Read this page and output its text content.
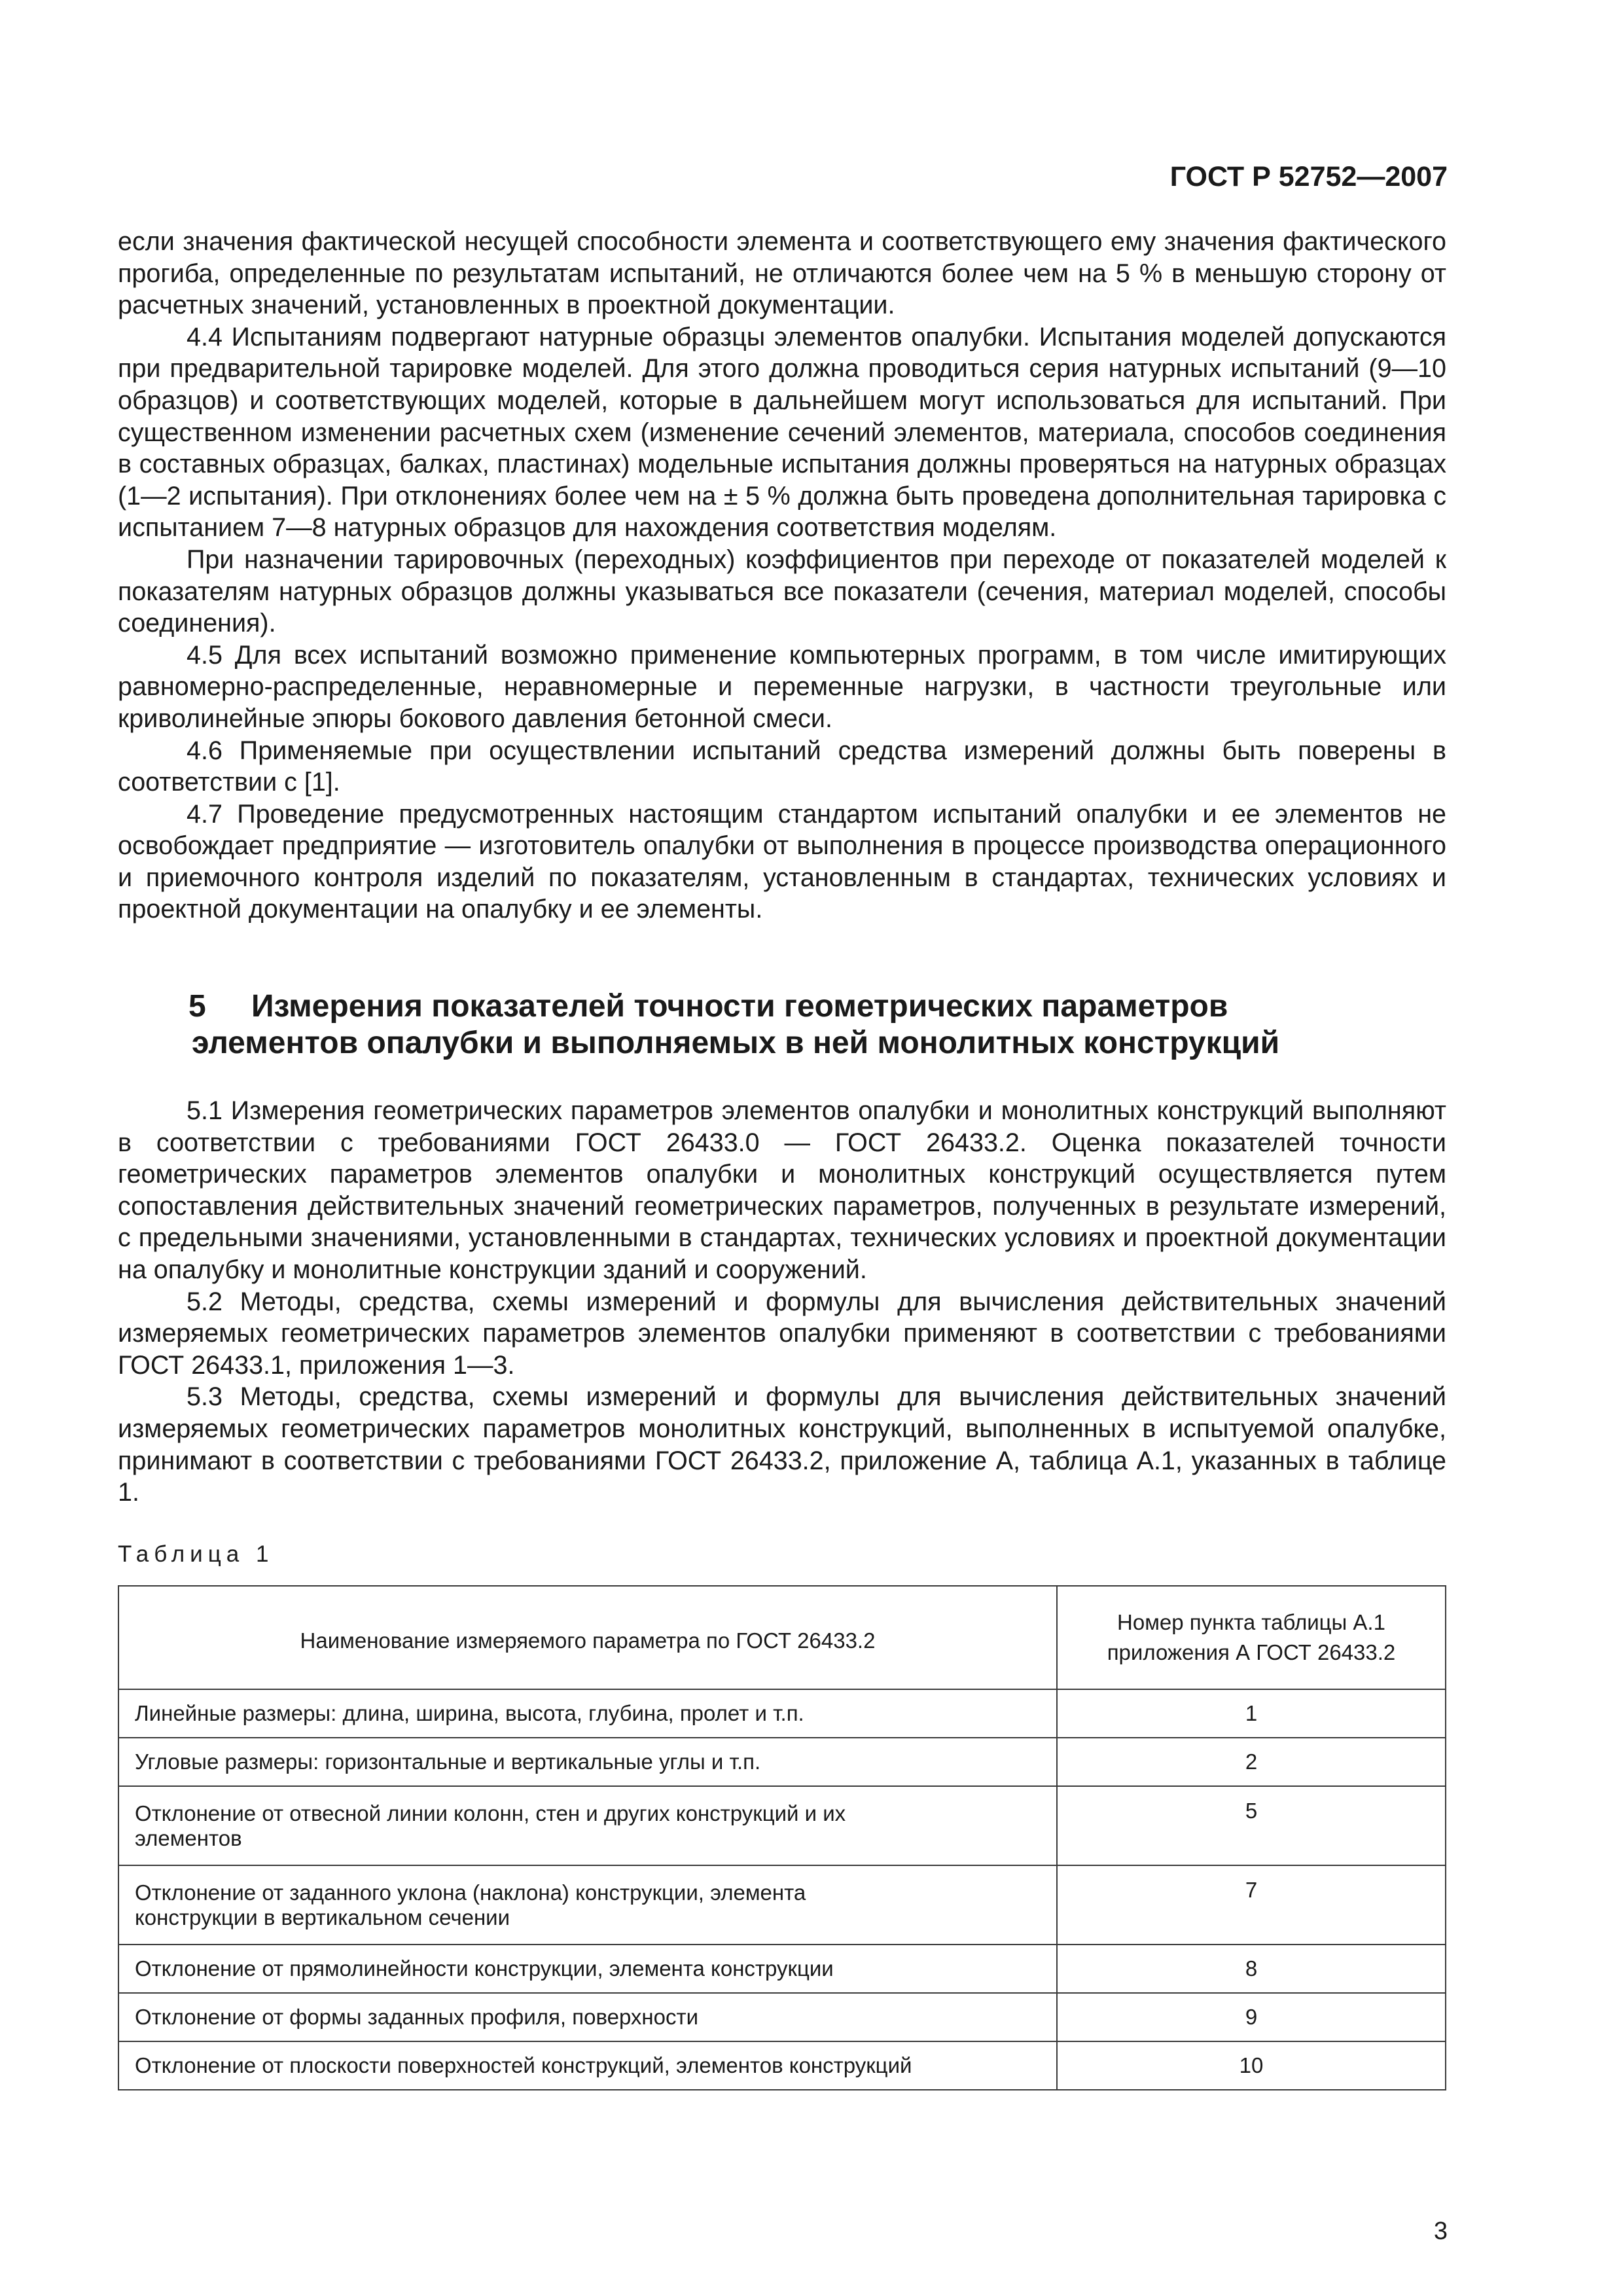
ГОСТ Р 52752—2007

если значения фактической несущей способности элемента и соответствующего ему значения фактического прогиба, определенные по результатам испытаний, не отличаются более чем на 5 % в меньшую сторону от расчетных значений, установленных в проектной документации.

4.4 Испытаниям подвергают натурные образцы элементов опалубки. Испытания моделей допускаются при предварительной тарировке моделей. Для этого должна проводиться серия натурных испытаний (9—10 образцов) и соответствующих моделей, которые в дальнейшем могут использоваться для испытаний. При существенном изменении расчетных схем (изменение сечений элементов, материала, способов соединения в составных образцах, балках, пластинах) модельные испытания должны проверяться на натурных образцах (1—2 испытания). При отклонениях более чем на ± 5 % должна быть проведена дополнительная тарировка с испытанием 7—8 натурных образцов для нахождения соответствия моделям.

При назначении тарировочных (переходных) коэффициентов при переходе от показателей моделей к показателям натурных образцов должны указываться все показатели (сечения, материал моделей, способы соединения).

4.5 Для всех испытаний возможно применение компьютерных программ, в том числе имитирующих равномерно-распределенные, неравномерные и переменные нагрузки, в частности треугольные или криволинейные эпюры бокового давления бетонной смеси.

4.6 Применяемые при осуществлении испытаний средства измерений должны быть поверены в соответствии с [1].

4.7 Проведение предусмотренных настоящим стандартом испытаний опалубки и ее элементов не освобождает предприятие — изготовитель опалубки от выполнения в процессе производства операционного и приемочного контроля изделий по показателям, установленным в стандартах, технических условиях и проектной документации на опалубку и ее элементы.

5 Измерения показателей точности геометрических параметров
элементов опалубки и выполняемых в ней монолитных конструкций

5.1 Измерения геометрических параметров элементов опалубки и монолитных конструкций выполняют в соответствии с требованиями ГОСТ 26433.0 — ГОСТ 26433.2. Оценка показателей точности геометрических параметров элементов опалубки и монолитных конструкций осуществляется путем сопоставления действительных значений геометрических параметров, полученных в результате измерений, с предельными значениями, установленными в стандартах, технических условиях и проектной документации на опалубку и монолитные конструкции зданий и сооружений.

5.2 Методы, средства, схемы измерений и формулы для вычисления действительных значений измеряемых геометрических параметров элементов опалубки применяют в соответствии с требованиями ГОСТ 26433.1, приложения 1—3.

5.3 Методы, средства, схемы измерений и формулы для вычисления действительных значений измеряемых геометрических параметров монолитных конструкций, выполненных в испытуемой опалубке, принимают в соответствии с требованиями ГОСТ 26433.2, приложение А, таблица А.1, указанных в таблице 1.

Таблица 1
Наименование измеряемого параметра по ГОСТ 26433.2	Номер пункта таблицы А.1
приложения А ГОСТ 26433.2

Линейные размеры: длина, ширина, высота, глубина, пролет и т.п.	1
Угловые размеры: горизонтальные и вертикальные углы и т.п.	2

Отклонение от отвесной линии колонн, стен и других конструкций и их
элементов	5

Отклонение от заданного уклона (наклона) конструкции, элемента
конструкции в вертикальном сечении	7
Отклонение от прямолинейности конструкции, элемента конструкции	8
Отклонение от формы заданных профиля, поверхности	9
Отклонение от плоскости поверхностей конструкций, элементов конструкций	10
3
